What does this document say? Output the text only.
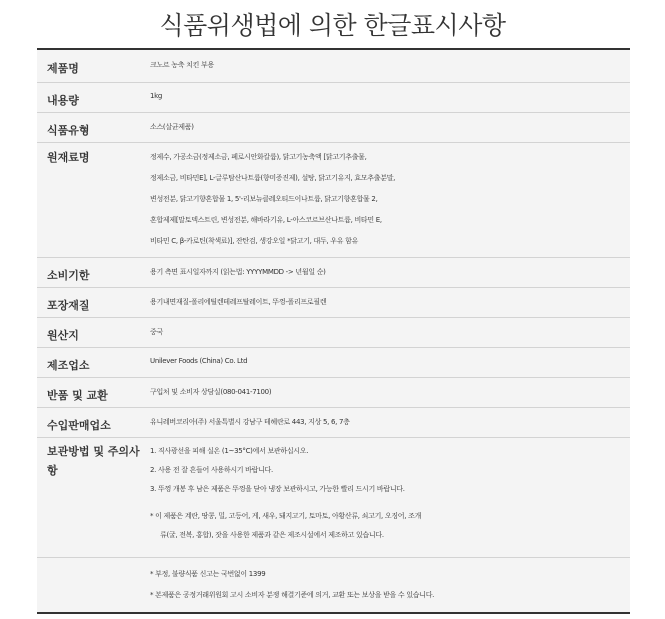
식품위생법에 의한 한글표시사항
제품명	크노르 농축 치킨 부용
내용량	1kg
식품유형	소스(살균제품)
원재료명	정제수, 가공소금(정제소금, 페로시안화칼륨), 닭고기농축액 [닭고기추출물,
정제소금, 비타민E], L-글루탐산나트륨(향미증진제), 설탕, 닭고기유지, 효모추출분말,
변성전분, 닭고기향혼합물 1, 5'-리보뉴클레오티드이나트륨, 닭고기향혼합물 2,
혼합제제[말토덱스트린, 변성전분, 해바라기유, L-아스코르브산나트륨, 비타민 E,
비타민 C, β-카로틴(착색료)], 잔탄검, 생강오일 *닭고기, 대두, 우유 함유
소비기한	용기 측면 표시일자까지 (읽는법: YYYYMMDD -> 년월일 순)
포장재질	용기내면재질-폴리에틸렌테레프탈레이트, 뚜껑-폴리프로필렌
원산지	중국
제조업소	Unilever Foods (China) Co. Ltd
반품 및 교환	구입처 및 소비자 상담실(080-041-7100)
수입판매업소	유니레버코리아(주) 서울특별시 강남구 테헤란로 443, 지상 5, 6, 7층
보관방법 및 주의사항
1. 직사광선을 피해 실온 (1~35°C)에서 보관하십시오.
2. 사용 전 잘 흔들어 사용하시기 바랍니다.
3. 뚜껑 개봉 후 남은 제품은 뚜껑을 닫아 냉장 보관하시고, 가능한 빨리 드시기 바랍니다.
* 이 제품은 계란, 땅콩, 밀, 고등어, 게, 새우, 돼지고기, 토마토, 아황산류, 쇠고기, 오징어, 조개
류(굴, 전복, 홍합), 잣을 사용한 제품과 같은 제조시설에서 제조하고 있습니다.
* 부정, 불량식품 신고는 국번없이 1399
* 본제품은 공정거래위원회 고시 소비자 분쟁 해결기준에 의거, 교환 또는 보상을 받을 수 있습니다.
